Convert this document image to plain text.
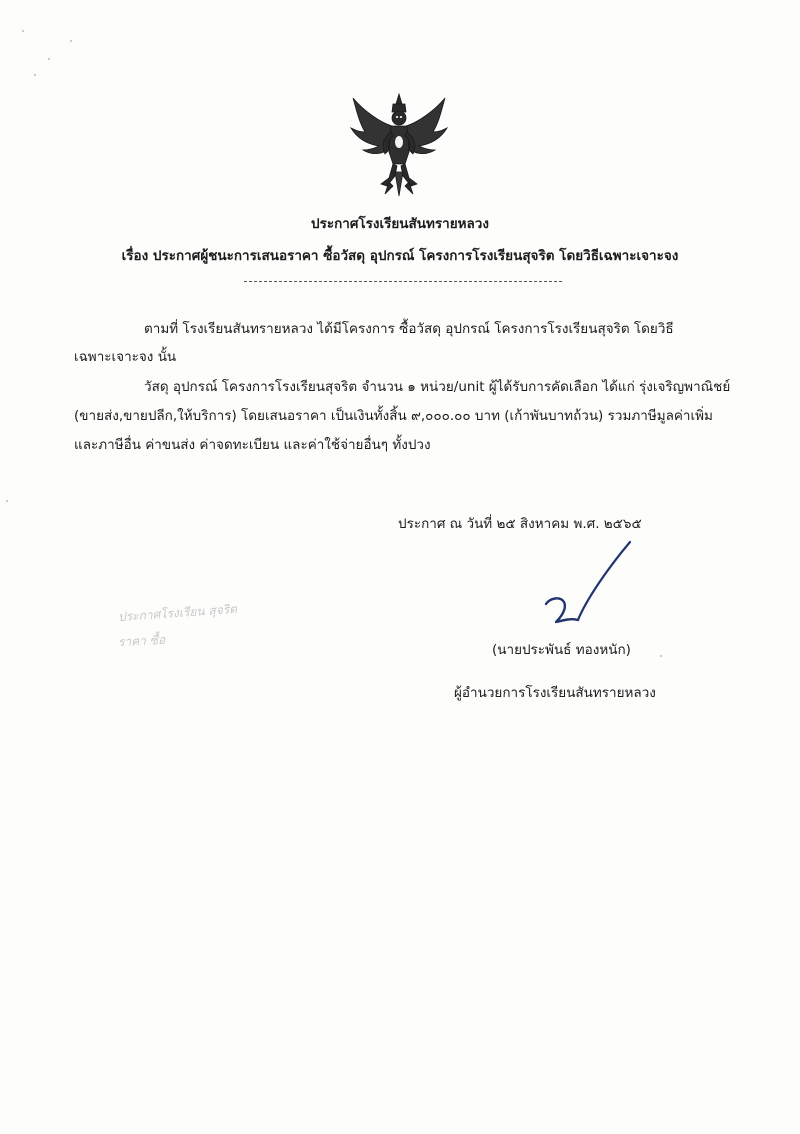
ประกาศโรงเรียนสันทรายหลวง
เรื่อง ประกาศผู้ชนะการเสนอราคา ซื้อวัสดุ อุปกรณ์ โครงการโรงเรียนสุจริต โดยวิธีเฉพาะเจาะจง
ตามที่ โรงเรียนสันทรายหลวง ได้มีโครงการ ซื้อวัสดุ อุปกรณ์ โครงการโรงเรียนสุจริต โดยวิธี
เฉพาะเจาะจง นั้น
วัสดุ อุปกรณ์ โครงการโรงเรียนสุจริต จำนวน ๑ หน่วย/unit ผู้ได้รับการคัดเลือก ได้แก่ รุ่งเจริญพาณิชย์
(ขายส่ง,ขายปลีก,ให้บริการ) โดยเสนอราคา เป็นเงินทั้งสิ้น ๙,๐๐๐.๐๐ บาท (เก้าพันบาทถ้วน) รวมภาษีมูลค่าเพิ่ม
และภาษีอื่น ค่าขนส่ง ค่าจดทะเบียน และค่าใช้จ่ายอื่นๆ ทั้งปวง
ประกาศ ณ วันที่ ๒๕ สิงหาคม พ.ศ. ๒๕๖๕
(นายประพันธ์ ทองหนัก)
ผู้อำนวยการโรงเรียนสันทรายหลวง
ประกาศโรงเรียน สุจริต
ราคา ซื้อ
